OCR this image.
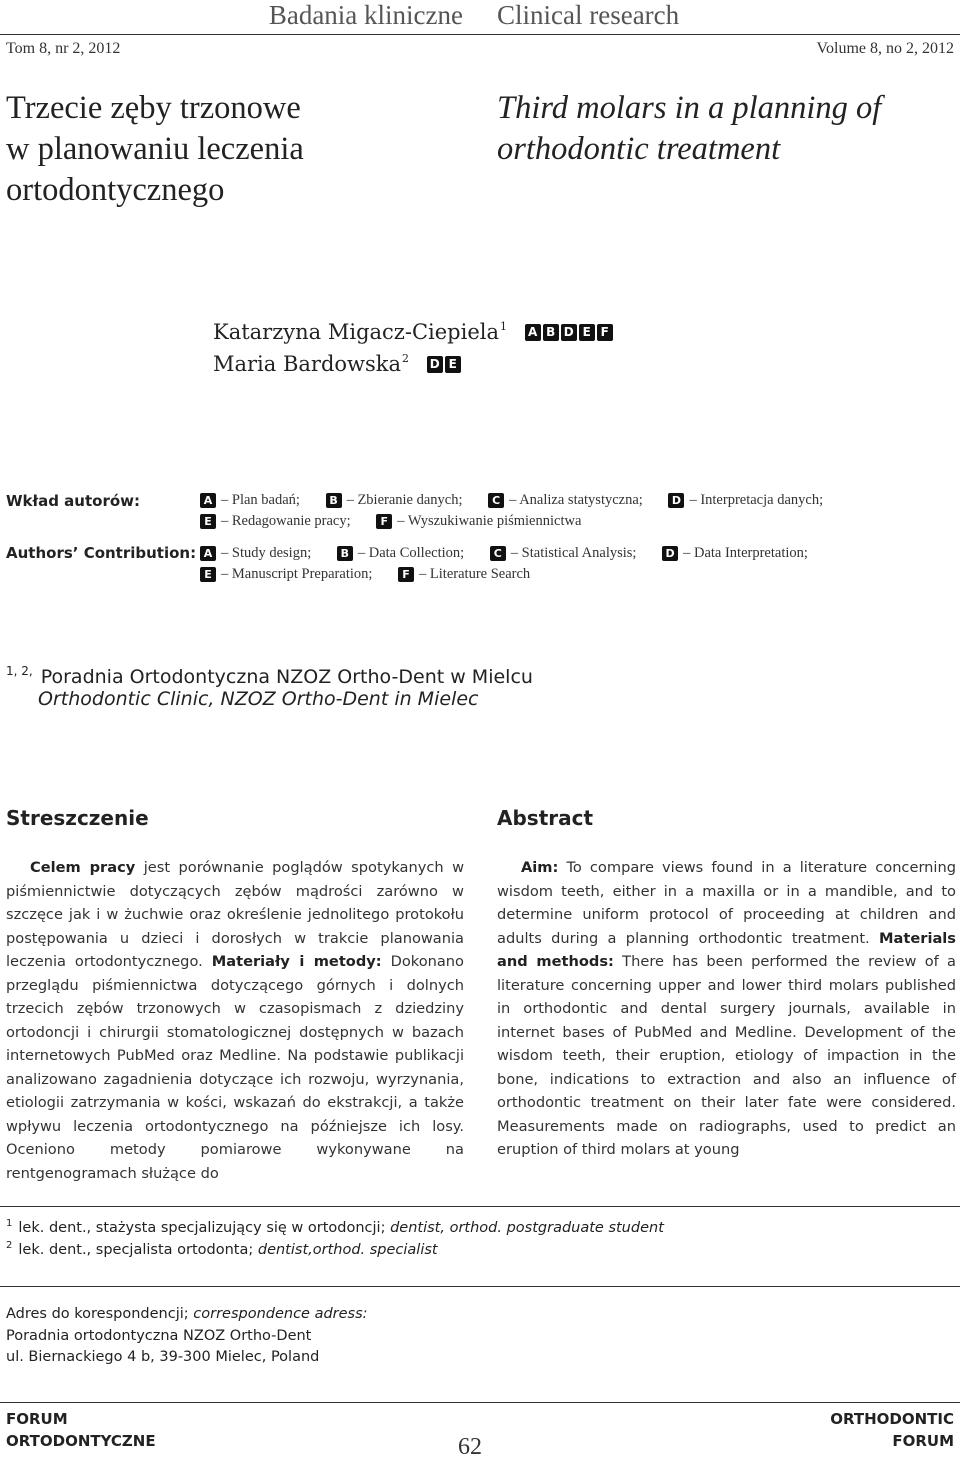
Badania kliniczne Clinical research
Tom 8, nr 2, 2012	Volume 8, no 2, 2012
Trzecie zęby trzonowe
w planowaniu leczenia
ortodontycznego
Third molars in a planning of
orthodontic treatment
Katarzyna Migacz-Ciepiela$^1$ A B D E F
Maria Bardowska$^2$ D E
Wkład autorów:	A – Plan badań;	B – Zbieranie danych;	C – Analiza statystyczna;	D – Interpretacja danych;
E – Redagowanie pracy;	F – Wyszukiwanie piśmiennictwa
Authors’ Contribution: A – Study design;	B – Data Collection;	C – Statistical Analysis;	D – Data Interpretation;
E – Manuscript Preparation;	F – Literature Search
$^{1, 2,}$ Poradnia Ortodontyczna NZOZ Ortho-Dent w Mielcu
Orthodontic Clinic, NZOZ Ortho-Dent in Mielec
Streszczenie	Abstract
Celem pracy jest porównanie poglądów spotykanych w piśmiennictwie dotyczących zębów mądrości zarówno w szczęce jak i w żuchwie oraz określenie jednolitego protokołu postępowania u dzieci i dorosłych w trakcie planowania leczenia ortodontycznego. Materiały i metody: Dokonano przeglądu piśmiennictwa dotyczącego górnych i dolnych trzecich zębów trzonowych w czasopismach z dziedziny ortodoncji i chirurgii stomatologicznej dostępnych w bazach internetowych PubMed oraz Medline. Na podstawie publikacji analizowano zagadnienia dotyczące ich rozwoju, wyrzynania, etiologii zatrzymania w kości, wskazań do ekstrakcji, a także wpływu leczenia ortodontycznego na późniejsze ich losy. Oceniono metody pomiarowe wykonywane na rentgenogramach służące do
Aim: To compare views found in a literature concerning wisdom teeth, either in a maxilla or in a mandible, and to determine uniform protocol of proceeding at children and adults during a planning orthodontic treatment. Materials and methods: There has been performed the review of a literature concerning upper and lower third molars published in orthodontic and dental surgery journals, available in internet bases of PubMed and Medline. Development of the wisdom teeth, their eruption, etiology of impaction in the bone, indications to extraction and also an influence of orthodontic treatment on their later fate were considered. Measurements made on radiographs, used to predict an eruption of third molars at young
$^1$ lek. dent., stażysta specjalizujący się w ortodoncji; dentist, orthod. postgraduate student
$^2$ lek. dent., specjalista ortodonta; dentist,orthod. specialist
Adres do korespondencji; correspondence adress:
Poradnia ortodontyczna NZOZ Ortho-Dent
ul. Biernackiego 4 b, 39-300 Mielec, Poland
FORUM
ORTODONTYCZNE	62
ORTHODONTIC
FORUM
